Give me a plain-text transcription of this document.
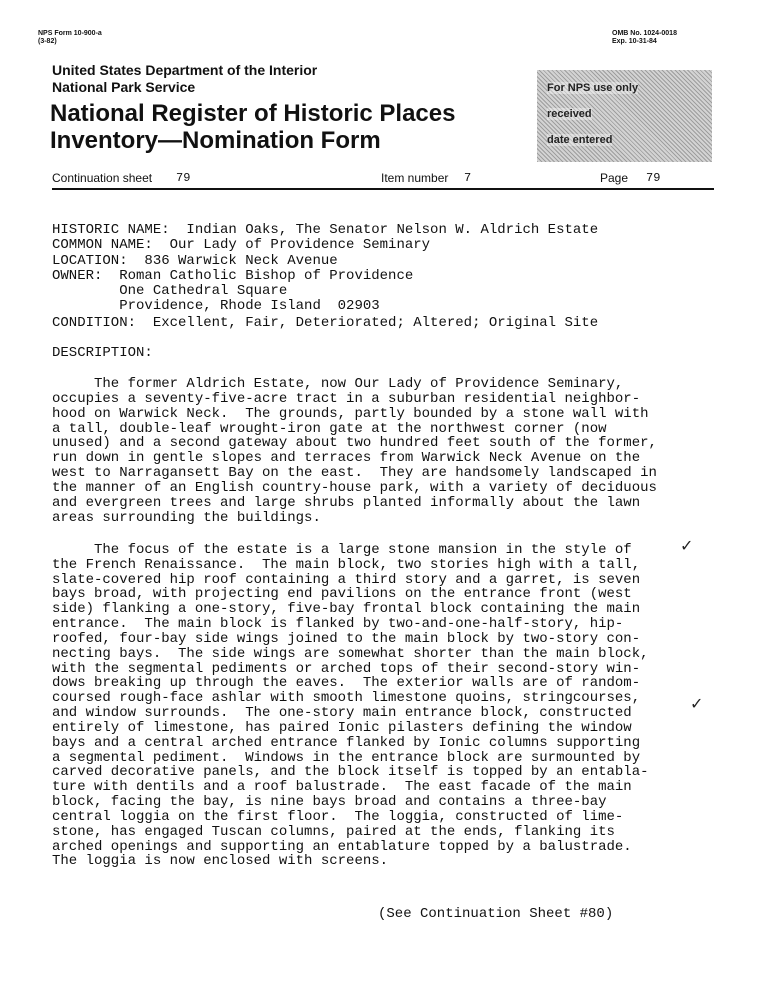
NPS Form 10-900-a
(3-82)
OMB No. 1024-0018
Exp. 10-31-84
United States Department of the Interior
National Park Service
National Register of Historic Places
Inventory—Nomination Form
For NPS use only
received
date entered
Continuation sheet 79	Item number 7	Page 79
HISTORIC NAME:  Indian Oaks, The Senator Nelson W. Aldrich Estate
COMMON NAME:  Our Lady of Providence Seminary
LOCATION:  836 Warwick Neck Avenue
OWNER:  Roman Catholic Bishop of Providence
One Cathedral Square
Providence, Rhode Island  02903
CONDITION:  Excellent, Fair, Deteriorated; Altered; Original Site
DESCRIPTION:
The former Aldrich Estate, now Our Lady of Providence Seminary,
occupies a seventy-five-acre tract in a suburban residential neighbor-
hood on Warwick Neck.  The grounds, partly bounded by a stone wall with
a tall, double-leaf wrought-iron gate at the northwest corner (now
unused) and a second gateway about two hundred feet south of the former,
run down in gentle slopes and terraces from Warwick Neck Avenue on the
west to Narragansett Bay on the east.  They are handsomely landscaped in
the manner of an English country-house park, with a variety of deciduous
and evergreen trees and large shrubs planted informally about the lawn
areas surrounding the buildings.
The focus of the estate is a large stone mansion in the style of
the French Renaissance.  The main block, two stories high with a tall,
slate-covered hip roof containing a third story and a garret, is seven
bays broad, with projecting end pavilions on the entrance front (west
side) flanking a one-story, five-bay frontal block containing the main
entrance.  The main block is flanked by two-and-one-half-story, hip-
roofed, four-bay side wings joined to the main block by two-story con-
necting bays.  The side wings are somewhat shorter than the main block,
with the segmental pediments or arched tops of their second-story win-
dows breaking up through the eaves.  The exterior walls are of random-
coursed rough-face ashlar with smooth limestone quoins, stringcourses,
and window surrounds.  The one-story main entrance block, constructed
entirely of limestone, has paired Ionic pilasters defining the window
bays and a central arched entrance flanked by Ionic columns supporting
a segmental pediment.  Windows in the entrance block are surmounted by
carved decorative panels, and the block itself is topped by an entabla-
ture with dentils and a roof balustrade.  The east facade of the main
block, facing the bay, is nine bays broad and contains a three-bay
central loggia on the first floor.  The loggia, constructed of lime-
stone, has engaged Tuscan columns, paired at the ends, flanking its
arched openings and supporting an entablature topped by a balustrade.
The loggia is now enclosed with screens.
✓
✓
(See Continuation Sheet #80)
